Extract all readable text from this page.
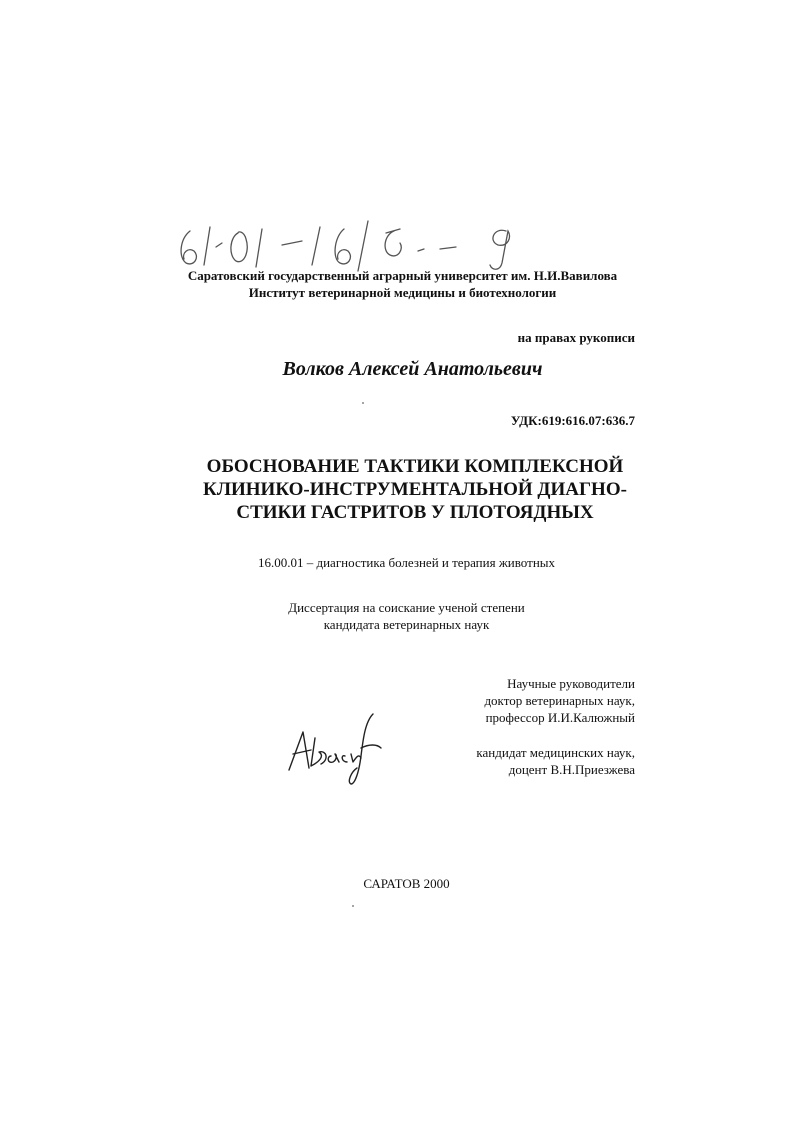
Саратовский государственный аграрный университет им. Н.И.Вавилова
Институт ветеринарной медицины и биотехнологии
на правах рукописи
Волков Алексей Анатольевич
УДК:619:616.07:636.7
ОБОСНОВАНИЕ ТАКТИКИ КОМПЛЕКСНОЙ
КЛИНИКО-ИНСТРУМЕНТАЛЬНОЙ ДИАГНО-
СТИКИ ГАСТРИТОВ У ПЛОТОЯДНЫХ
16.00.01 – диагностика болезней и терапия животных
Диссертация на соискание ученой степени
кандидата ветеринарных наук
Научные руководители
доктор ветеринарных наук,
профессор И.И.Калюжный
кандидат медицинских наук,
доцент В.Н.Приезжева
САРАТОВ 2000
